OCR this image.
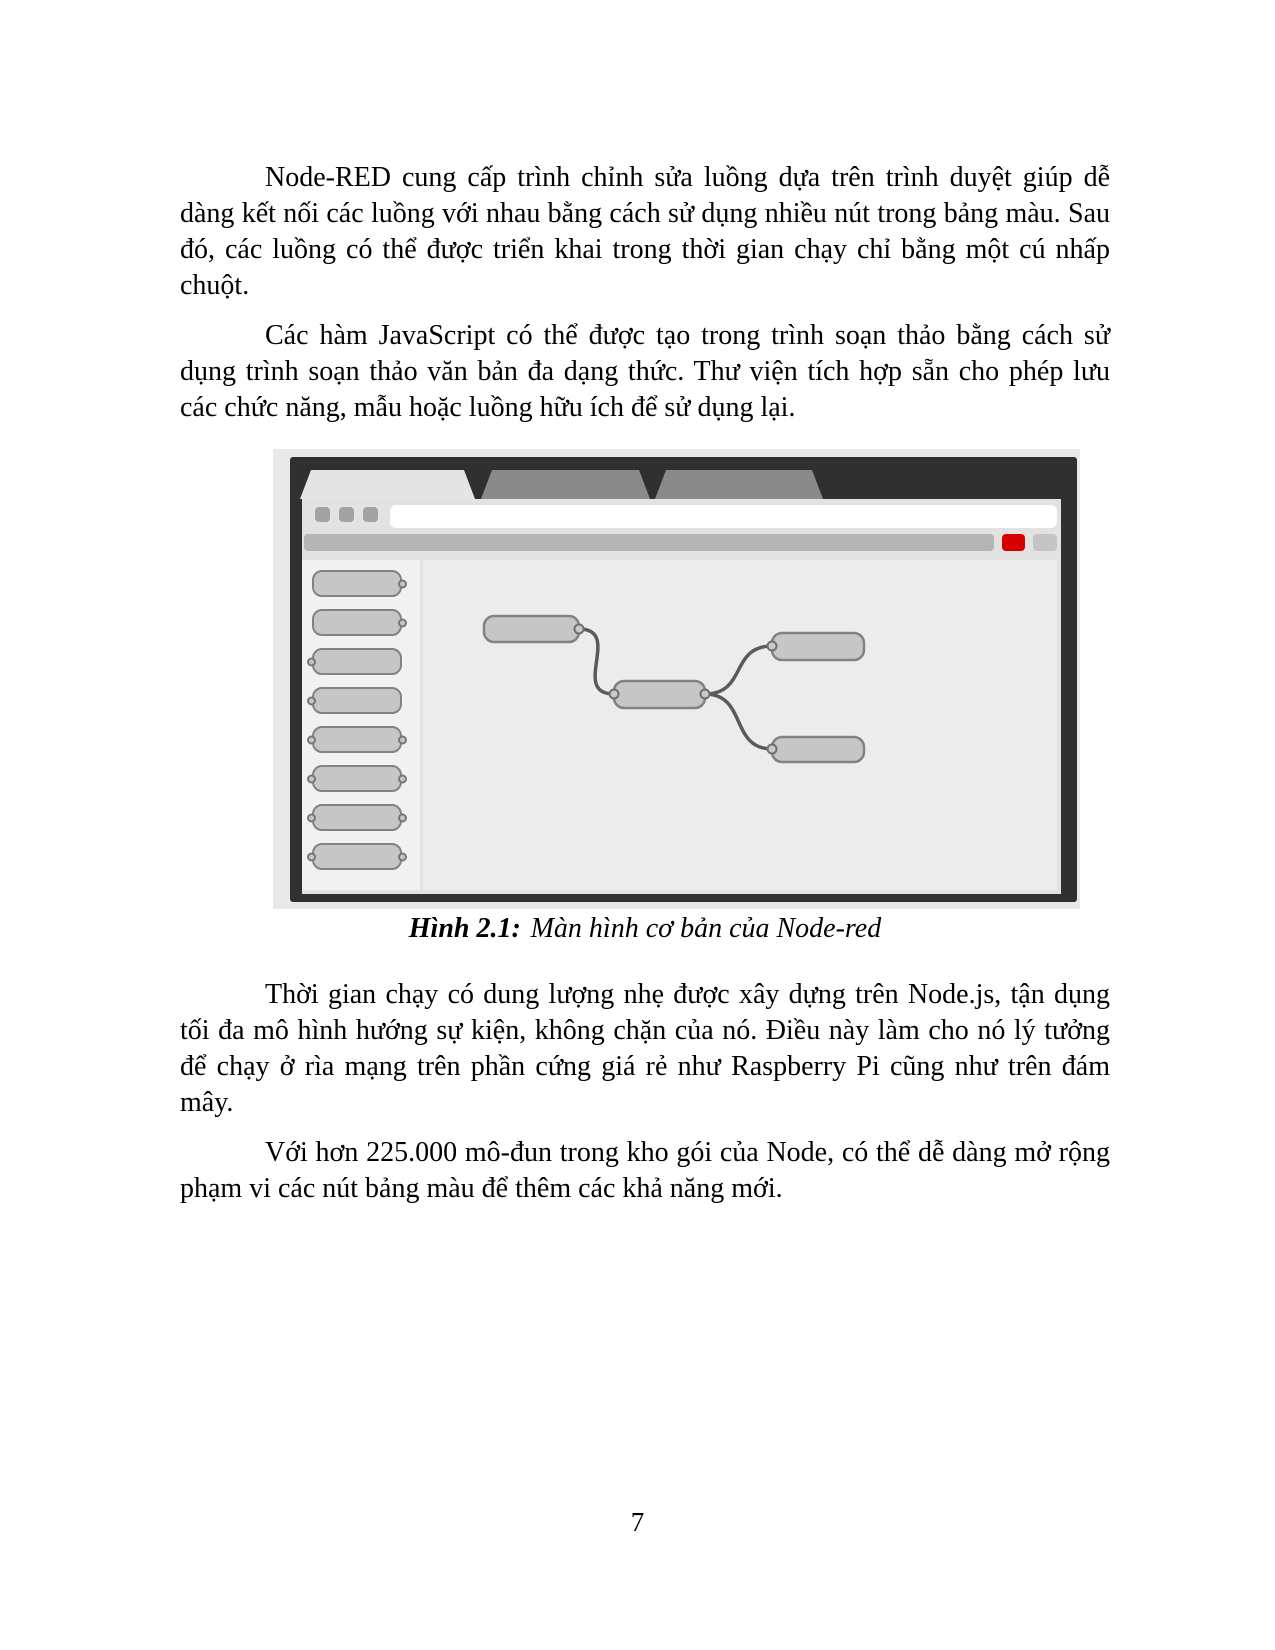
Node-RED cung cấp trình chỉnh sửa luồng dựa trên trình duyệt giúp dễ dàng kết nối các luồng với nhau bằng cách sử dụng nhiều nút trong bảng màu. Sau đó, các luồng có thể được triển khai trong thời gian chạy chỉ bằng một cú nhấp chuột.

Các hàm JavaScript có thể được tạo trong trình soạn thảo bằng cách sử dụng trình soạn thảo văn bản đa dạng thức. Thư viện tích hợp sẵn cho phép lưu các chức năng, mẫu hoặc luồng hữu ích để sử dụng lại.

Hình 2.1: Màn hình cơ bản của Node-red

Thời gian chạy có dung lượng nhẹ được xây dựng trên Node.js, tận dụng tối đa mô hình hướng sự kiện, không chặn của nó. Điều này làm cho nó lý tưởng để chạy ở rìa mạng trên phần cứng giá rẻ như Raspberry Pi cũng như trên đám mây.

Với hơn 225.000 mô-đun trong kho gói của Node, có thể dễ dàng mở rộng phạm vi các nút bảng màu để thêm các khả năng mới.

7
